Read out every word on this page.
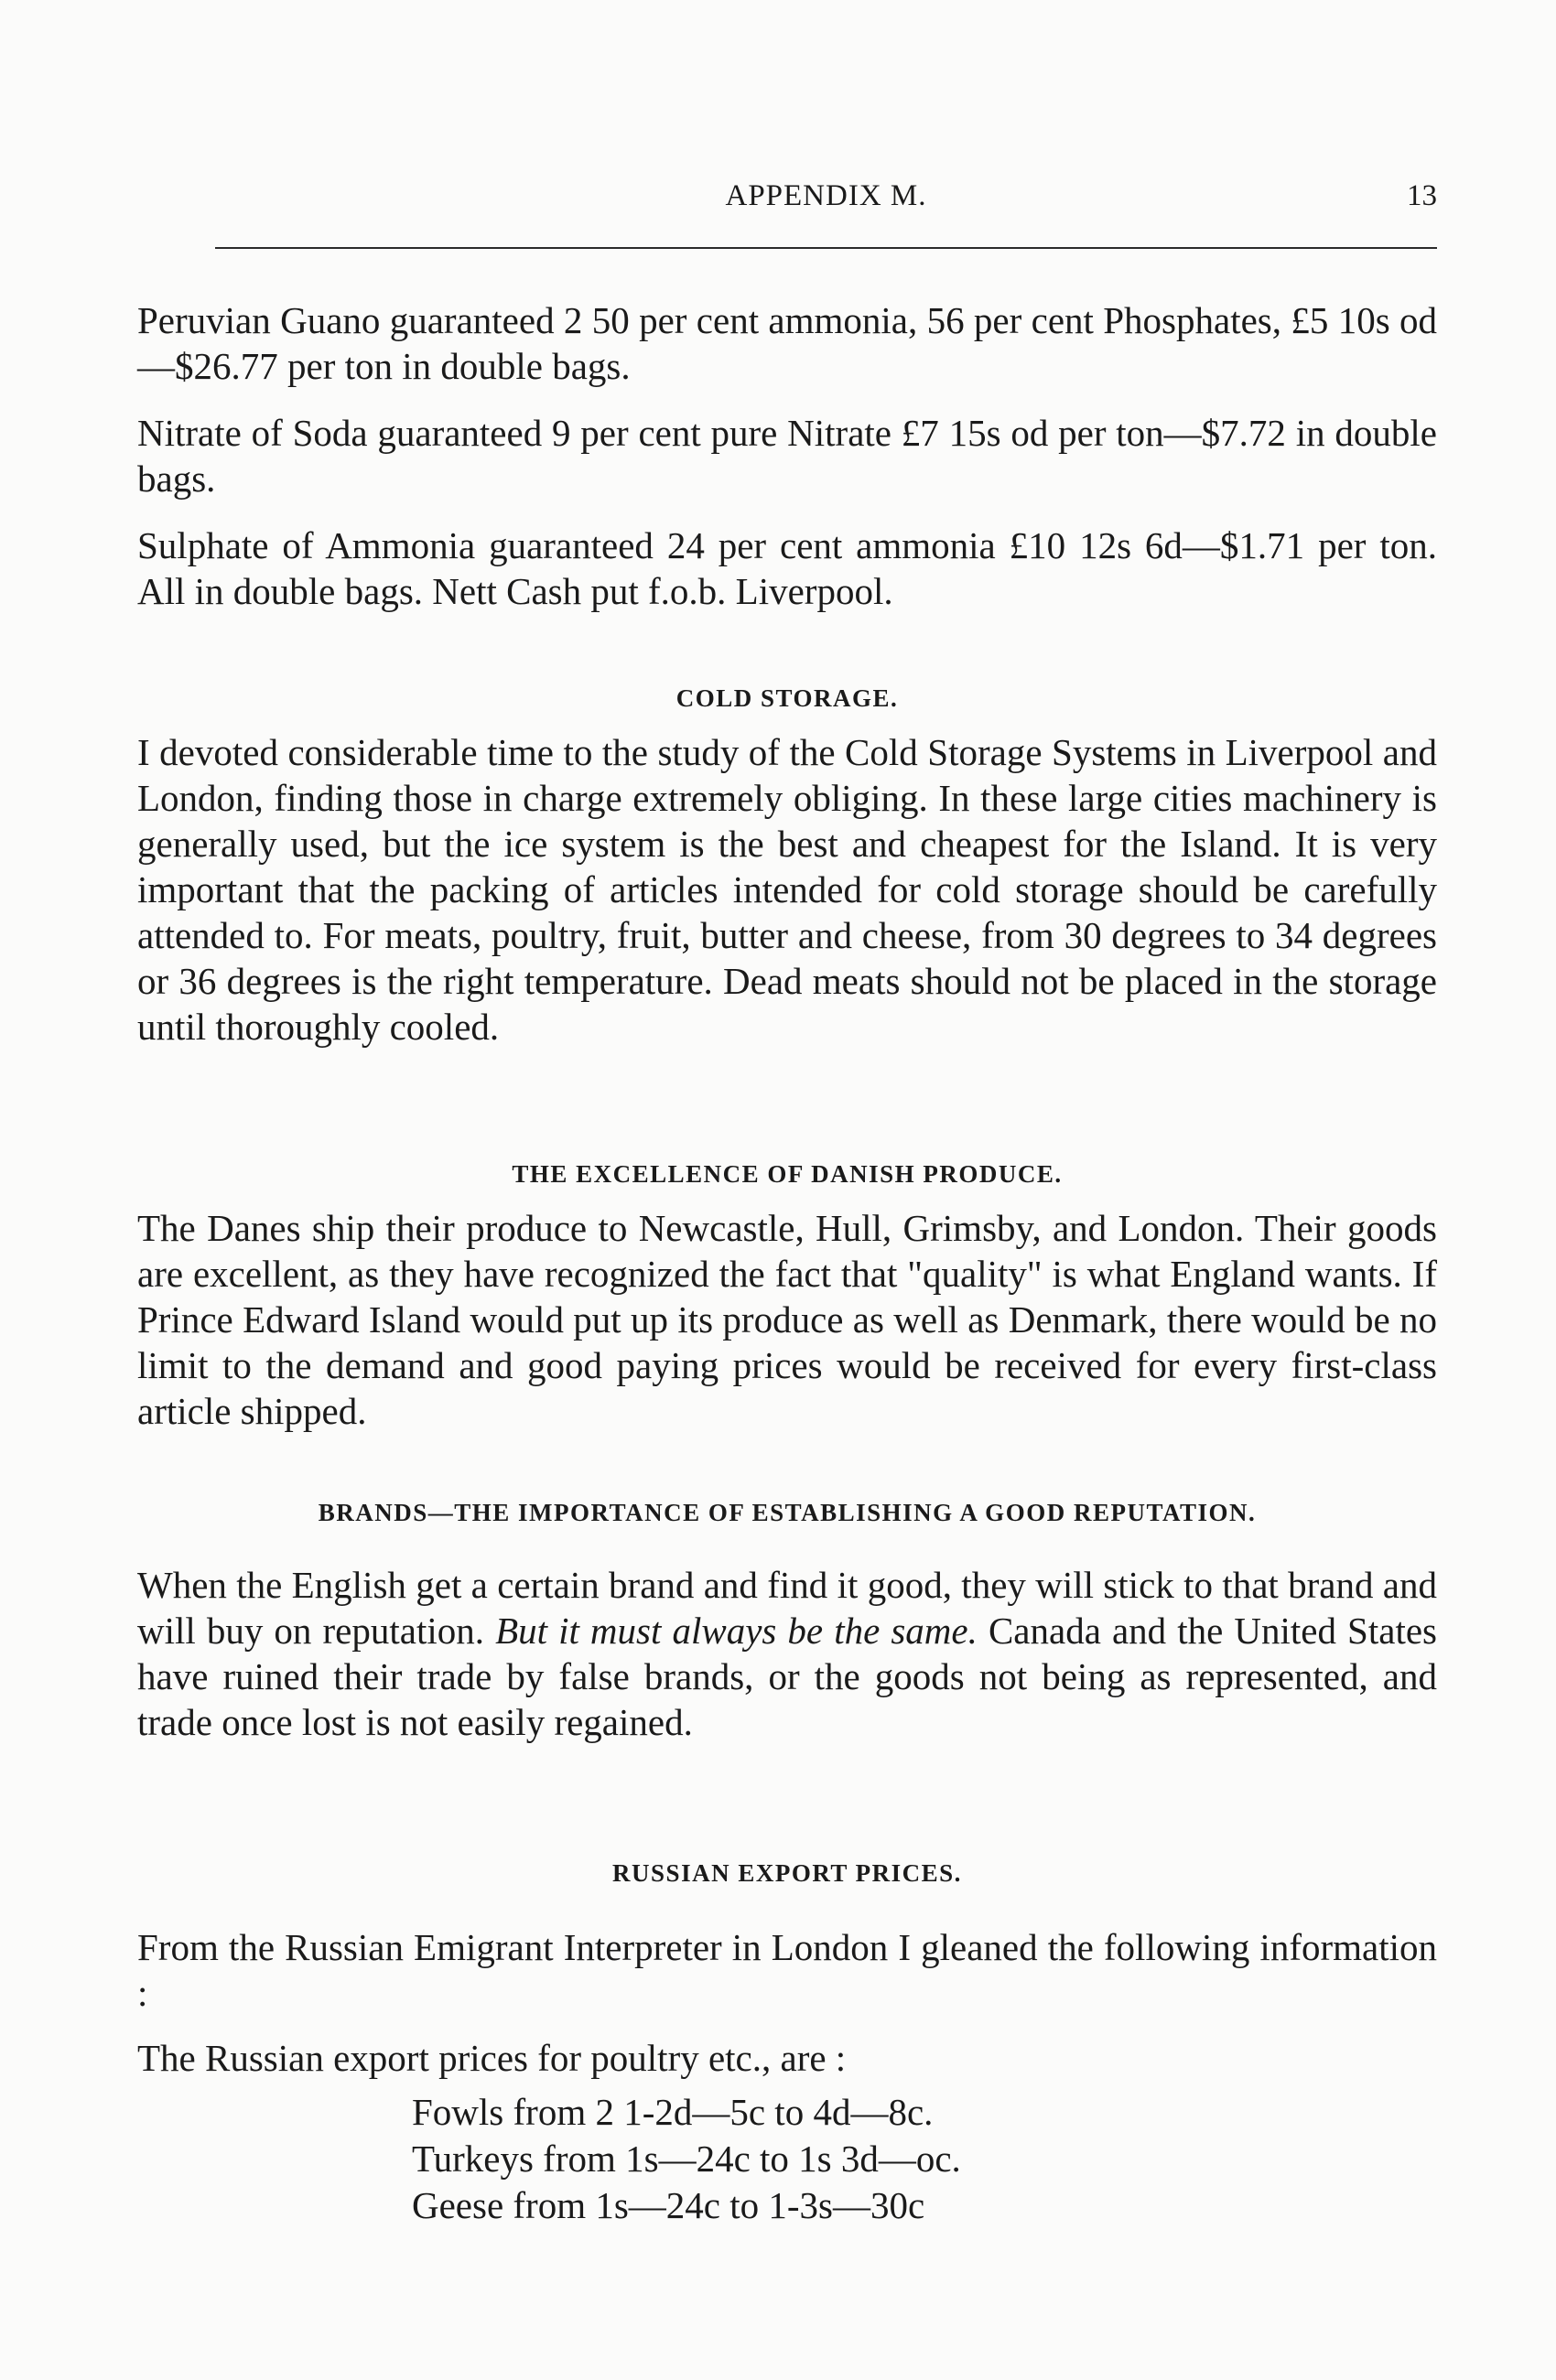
APPENDIX M.	13

Peruvian Guano guaranteed 2 50 per cent ammonia, 56 per cent Phosphates, £5 10s od—$26.77 per ton in double bags.

Nitrate of Soda guaranteed 9 per cent pure Nitrate £7 15s od per ton—$7.72 in double bags.

Sulphate of Ammonia guaranteed 24 per cent ammonia £10 12s 6d—$1.71 per ton. All in double bags. Nett Cash put f.o.b. Liverpool.

COLD STORAGE.

I devoted considerable time to the study of the Cold Storage Systems in Liverpool and London, finding those in charge extremely obliging. In these large cities machinery is generally used, but the ice system is the best and cheapest for the Island. It is very important that the packing of articles intended for cold storage should be carefully attended to. For meats, poultry, fruit, butter and cheese, from 30 degrees to 34 degrees or 36 degrees is the right temperature. Dead meats should not be placed in the storage until thoroughly cooled.

THE EXCELLENCE OF DANISH PRODUCE.

The Danes ship their produce to Newcastle, Hull, Grimsby, and London. Their goods are excellent, as they have recognized the fact that "quality" is what England wants. If Prince Edward Island would put up its produce as well as Denmark, there would be no limit to the demand and good paying prices would be received for every first-class article shipped.

BRANDS—THE IMPORTANCE OF ESTABLISHING A GOOD REPUTATION.

When the English get a certain brand and find it good, they will stick to that brand and will buy on reputation. But it must always be the same. Canada and the United States have ruined their trade by false brands, or the goods not being as represented, and trade once lost is not easily regained.

RUSSIAN EXPORT PRICES.

From the Russian Emigrant Interpreter in London I gleaned the following information :

The Russian export prices for poultry etc., are :

Fowls from 2 1-2d—5c to 4d—8c.
Turkeys from 1s—24c to 1s 3d—oc.
Geese from 1s—24c to 1-3s—30c
